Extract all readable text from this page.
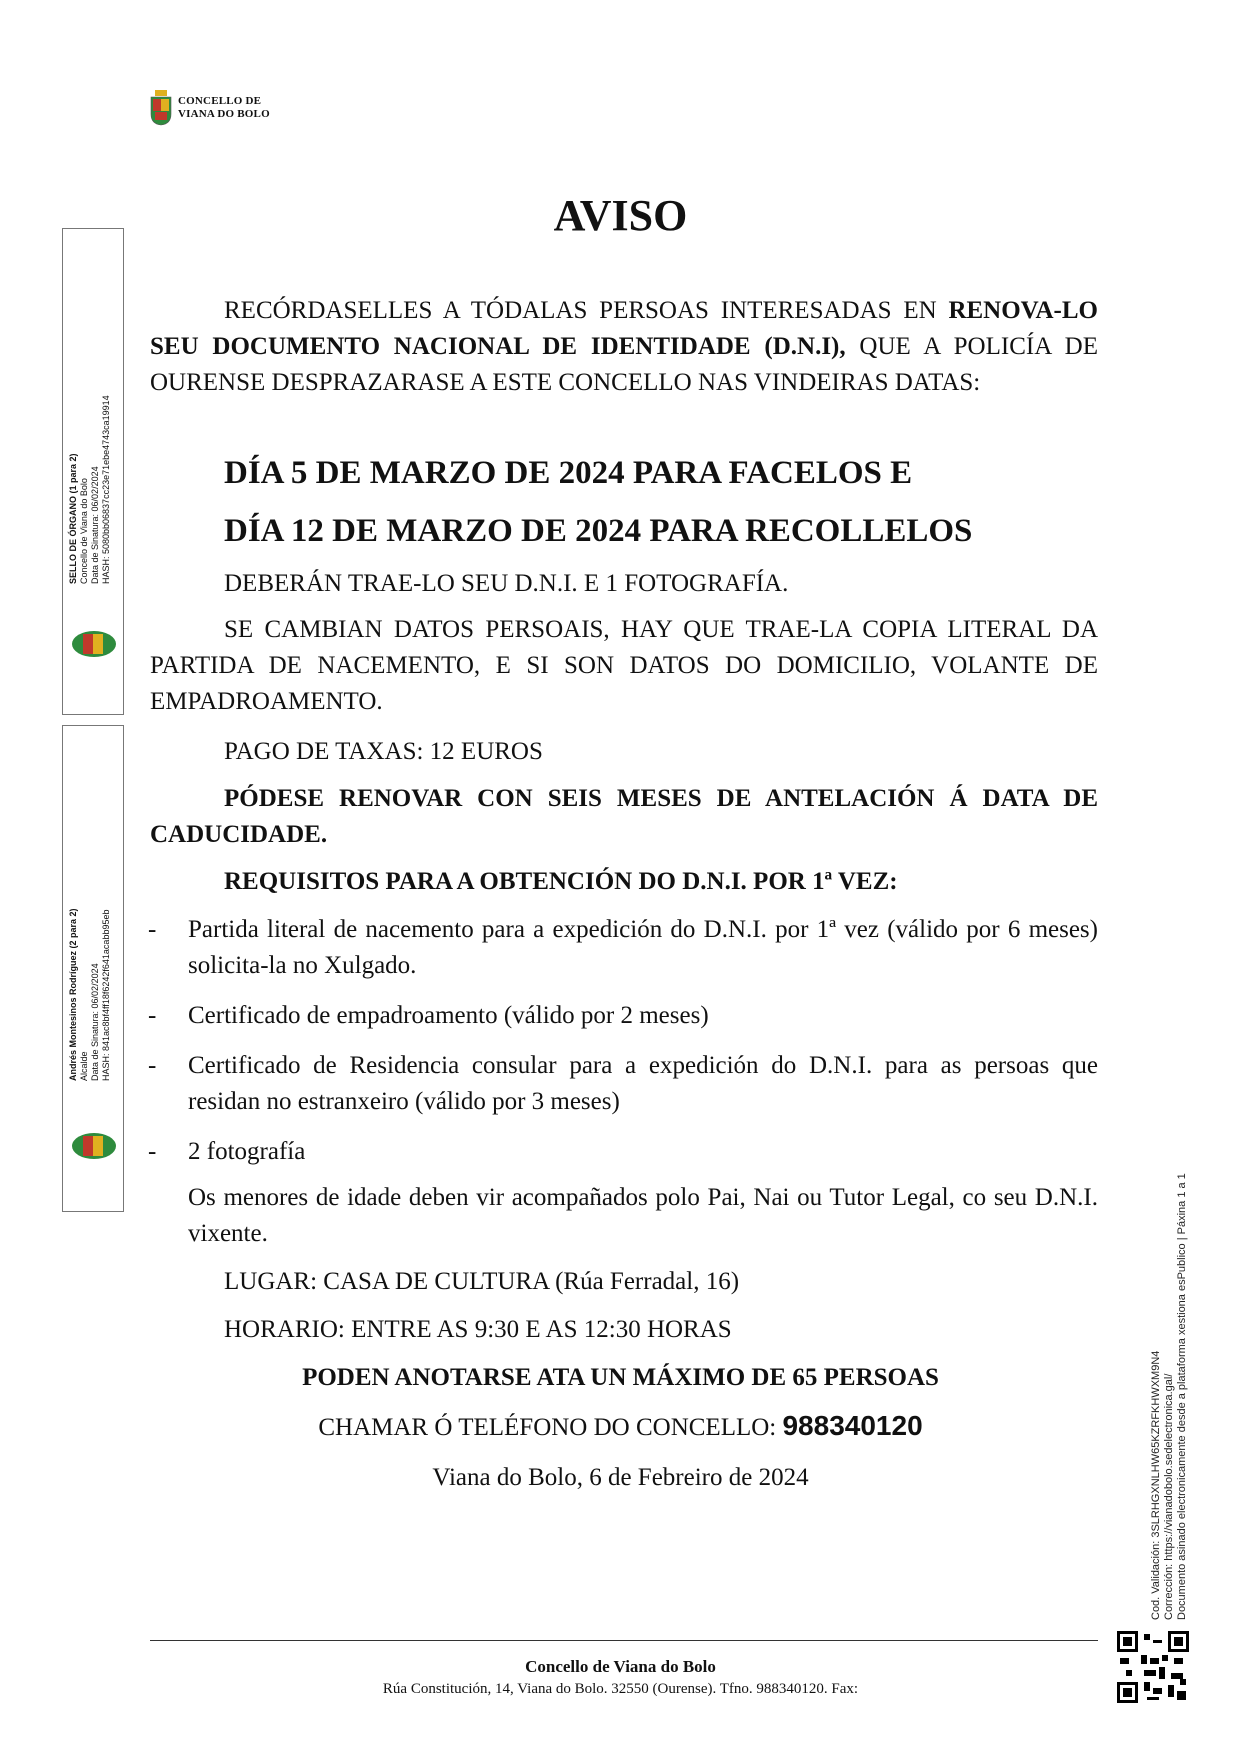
CONCELLO DE
VIANA DO BOLO
AVISO
RECÓRDASELLES A TÓDALAS PERSOAS INTERESADAS EN RENOVA-LO SEU DOCUMENTO NACIONAL DE IDENTIDADE (D.N.I), QUE A POLICÍA DE OURENSE DESPRAZARASE A ESTE CONCELLO NAS VINDEIRAS DATAS:
DÍA 5 DE MARZO DE 2024 PARA FACELOS E
DÍA 12 DE MARZO DE 2024 PARA RECOLLELOS
DEBERÁN TRAE-LO SEU D.N.I. E 1 FOTOGRAFÍA.
SE CAMBIAN DATOS PERSOAIS, HAY QUE TRAE-LA COPIA LITERAL DA PARTIDA DE NACEMENTO, E SI SON DATOS DO DOMICILIO, VOLANTE DE EMPADROAMENTO.
PAGO DE TAXAS: 12 EUROS
PÓDESE RENOVAR CON SEIS MESES DE ANTELACIÓN Á DATA DE CADUCIDADE.
REQUISITOS PARA A OBTENCIÓN DO D.N.I. POR 1ª VEZ:
- Partida literal de nacemento para a expedición do D.N.I. por 1ª vez (válido por 6 meses) solicita-la no Xulgado.
- Certificado de empadroamento (válido por 2 meses)
- Certificado de Residencia consular para a expedición do D.N.I. para as persoas que residan no estranxeiro (válido por 3 meses)
- 2 fotografía
Os menores de idade deben vir acompañados polo Pai, Nai ou Tutor Legal, co seu D.N.I. vixente.
LUGAR: CASA DE CULTURA (Rúa Ferradal, 16)
HORARIO: ENTRE AS 9:30 E AS 12:30 HORAS
PODEN ANOTARSE ATA UN MÁXIMO DE 65 PERSOAS
CHAMAR Ó TELÉFONO DO CONCELLO: 988340120
Viana do Bolo, 6 de Febreiro de 2024
Concello de Viana do Bolo
Rúa Constitución, 14, Viana do Bolo. 32550 (Ourense). Tfno. 988340120. Fax:
SELLO DE ÓRGANO (1 para 2) Concello de Viana do Bolo Data de Sinatura: 06/02/2024 HASH: 5080bb06837cc23e71ebe4743ca19914
Andrés Montesinos Rodríguez (2 para 2) Alcalde Data de Sinatura: 06/02/2024 HASH: 841ac8bf4ff18f6242f641acabb95eb
Cod. Validación: 3SLRHGXNLHW65KZRFKHWXM9N4 Corrección: https://vianadobolo.sedelectronica.gal/ Documento asinado electronicamente desde a plataforma xestiona esPublico | Páxina 1 a 1
